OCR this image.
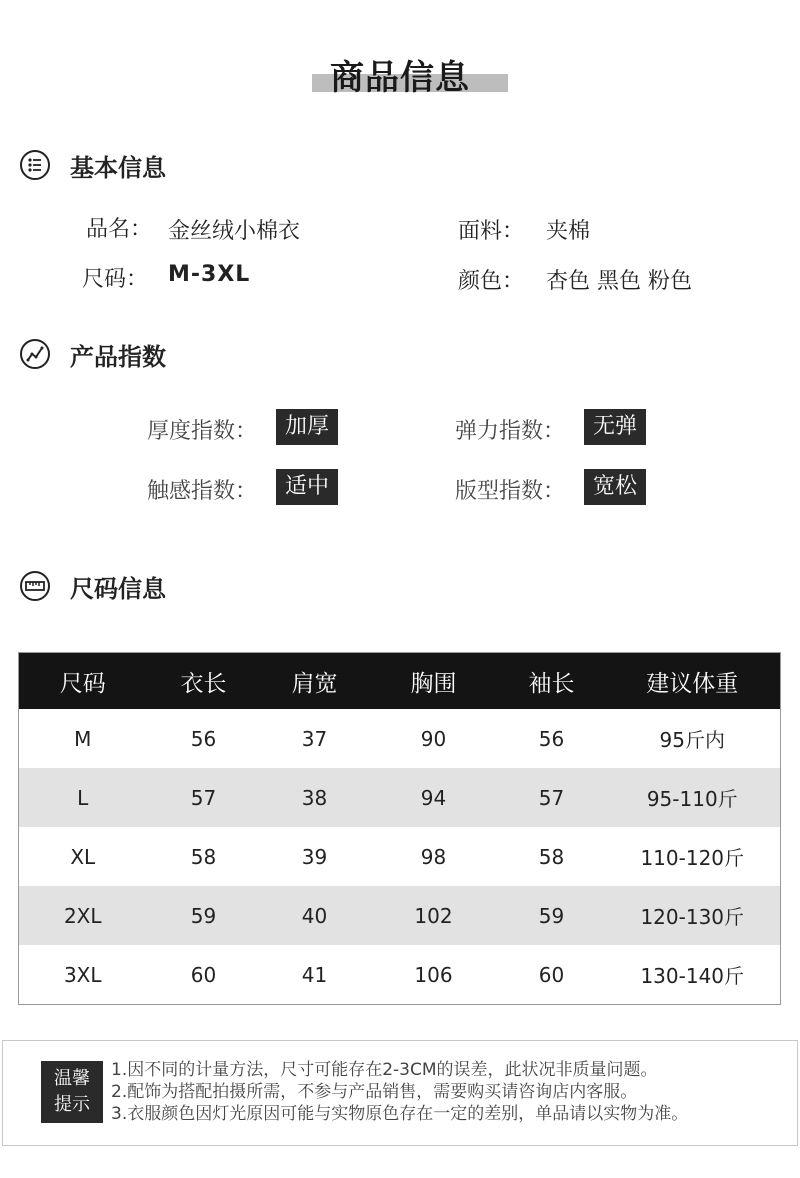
商品信息
基本信息
品名： 金丝绒小棉衣	面料： 夹棉
尺码： M-3XL	颜色： 杏色 黑色 粉色
产品指数
厚度指数：	加厚	弹力指数：	无弹
触感指数：	适中	版型指数：	宽松
尺码信息
尺码	衣长	肩宽	胸围	袖长	建议体重
M	56	37	90	56	95斤内
L	57	38	94	57	95-110斤
XL	58	39	98	58	110-120斤
2XL	59	40	102	59	120-130斤
3XL	60	41	106	60	130-140斤
温馨
提示
1.因不同的计量方法，尺寸可能存在2-3CM的误差，此状况非质量问题。
2.配饰为搭配拍摄所需，不参与产品销售，需要购买请咨询店内客服。
3.衣服颜色因灯光原因可能与实物原色存在一定的差别，单品请以实物为准。
